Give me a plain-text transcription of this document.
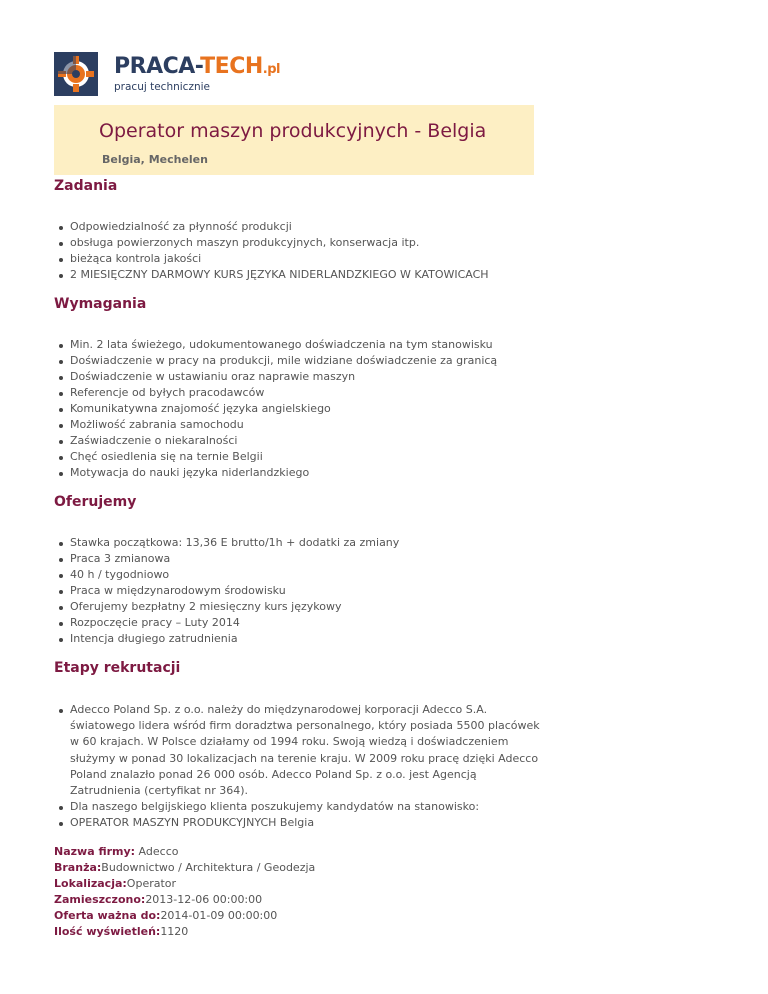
PRACA-TECH.pl
pracuj technicznie
Operator maszyn produkcyjnych - Belgia
Belgia, Mechelen
Zadania
Odpowiedzialność za płynność produkcji
obsługa powierzonych maszyn produkcyjnych, konserwacja itp.
bieżąca kontrola jakości
2 MIESIĘCZNY DARMOWY KURS JĘZYKA NIDERLANDZKIEGO W KATOWICACH
Wymagania
Min. 2 lata świeżego, udokumentowanego doświadczenia na tym stanowisku
Doświadczenie w pracy na produkcji, mile widziane doświadczenie za granicą
Doświadczenie w ustawianiu oraz naprawie maszyn
Referencje od byłych pracodawców
Komunikatywna znajomość języka angielskiego
Możliwość zabrania samochodu
Zaświadczenie o niekaralności
Chęć osiedlenia się na ternie Belgii
Motywacja do nauki języka niderlandzkiego
Oferujemy
Stawka początkowa: 13,36 E brutto/1h + dodatki za zmiany
Praca 3 zmianowa
40 h / tygodniowo
Praca w międzynarodowym środowisku
Oferujemy bezpłatny 2 miesięczny kurs językowy
Rozpoczęcie pracy – Luty 2014
Intencja długiego zatrudnienia
Etapy rekrutacji
Adecco Poland Sp. z o.o. należy do międzynarodowej korporacji Adecco S.A. światowego lidera wśród firm doradztwa personalnego, który posiada 5500 placówek w 60 krajach. W Polsce działamy od 1994 roku. Swoją wiedzą i doświadczeniem służymy w ponad 30 lokalizacjach na terenie kraju. W 2009 roku pracę dzięki Adecco Poland znalazło ponad 26 000 osób. Adecco Poland Sp. z o.o. jest Agencją Zatrudnienia (certyfikat nr 364).
Dla naszego belgijskiego klienta poszukujemy kandydatów na stanowisko:
OPERATOR MASZYN PRODUKCYJNYCH Belgia
Nazwa firmy: Adecco
Branża:Budownictwo / Architektura / Geodezja
Lokalizacja:Operator
Zamieszczono:2013-12-06 00:00:00
Oferta ważna do:2014-01-09 00:00:00
Ilość wyświetleń:1120
